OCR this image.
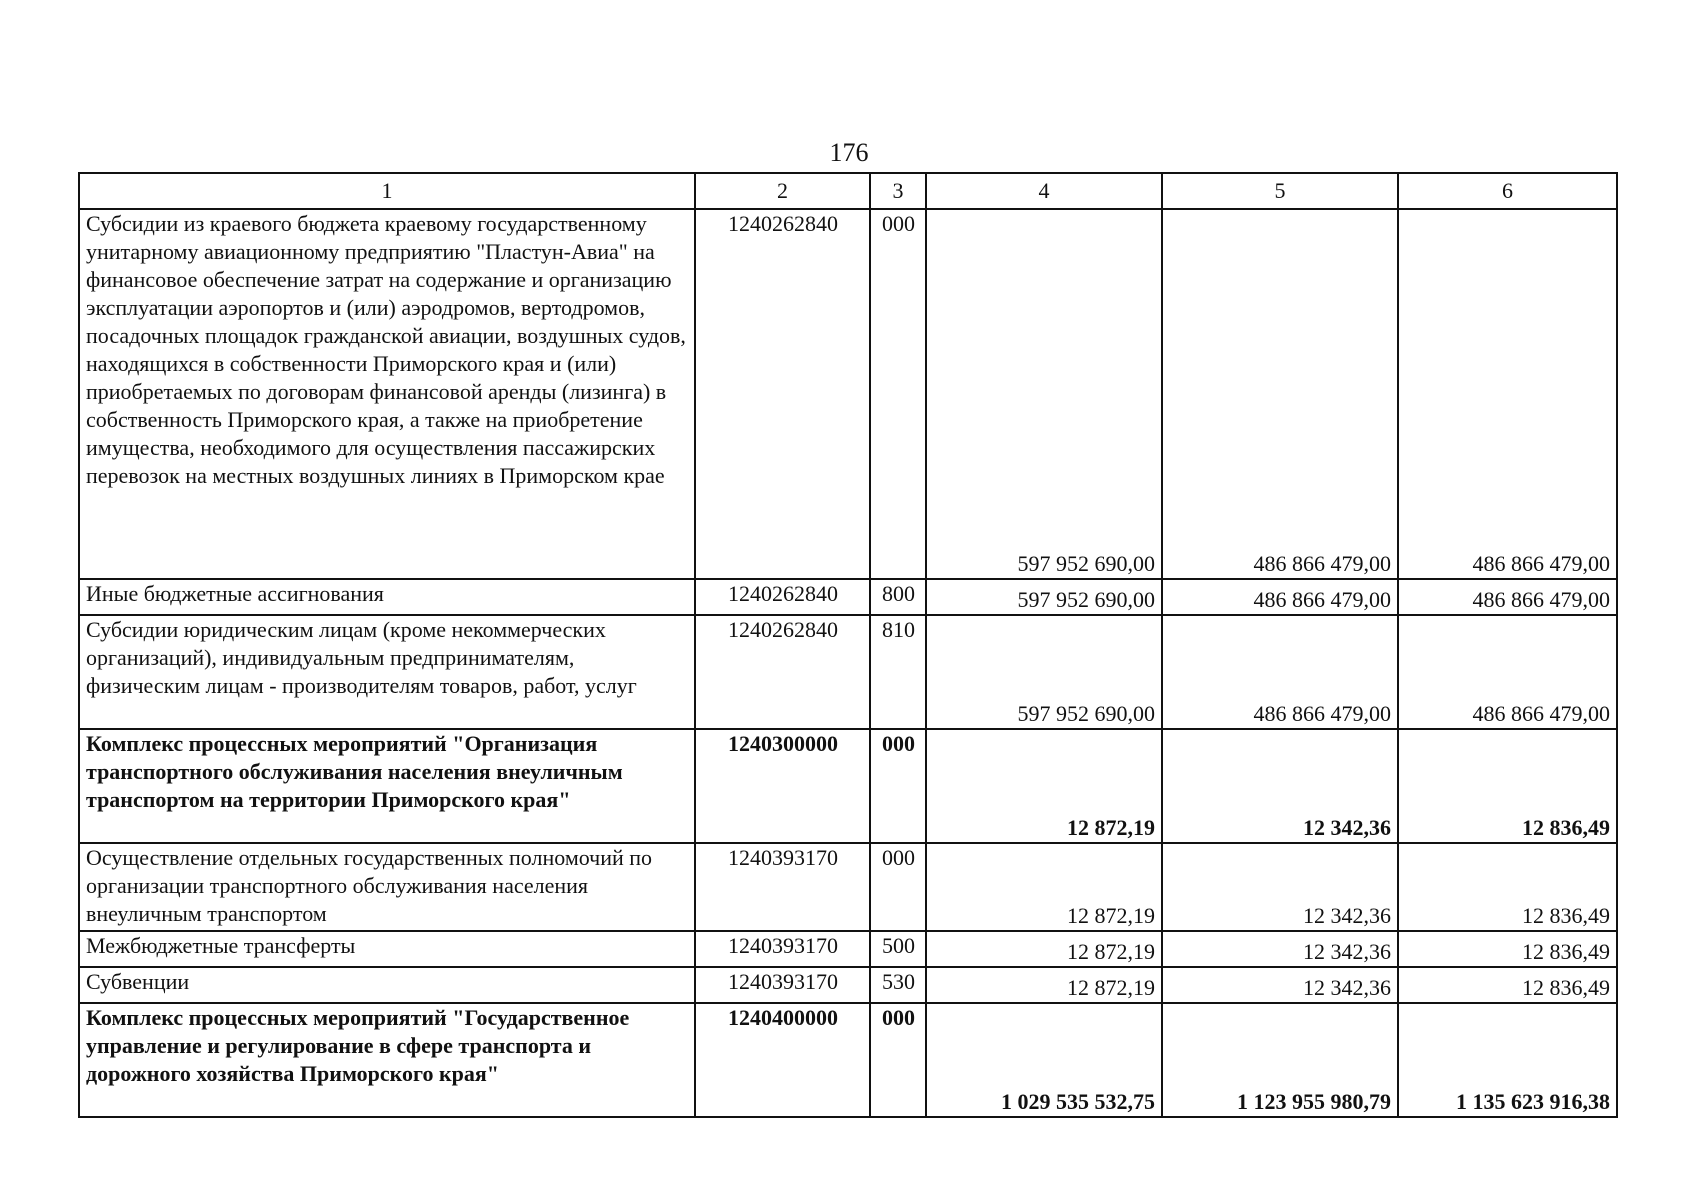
176
1	2	3	4	5	6
Субсидии из краевого бюджета краевому государственному унитарному авиационному предприятию "Пластун-Авиа" на финансовое обеспечение затрат на содержание и организацию эксплуатации аэропортов и (или) аэродромов, вертодромов, посадочных площадок гражданской авиации, воздушных судов, находящихся в собственности Приморского края и (или) приобретаемых по договорам финансовой аренды (лизинга) в собственность Приморского края, а также на приобретение имущества, необходимого для осуществления пассажирских перевозок на местных воздушных линиях в Приморском крае	1240262840	000	597 952 690,00	486 866 479,00	486 866 479,00
Иные бюджетные ассигнования	1240262840	800	597 952 690,00	486 866 479,00	486 866 479,00
Субсидии юридическим лицам (кроме некоммерческих организаций), индивидуальным предпринимателям, физическим лицам - производителям товаров, работ, услуг	1240262840	810	597 952 690,00	486 866 479,00	486 866 479,00
Комплекс процессных мероприятий "Организация транспортного обслуживания населения внеуличным транспортом на территории Приморского края"	1240300000	000	12 872,19	12 342,36	12 836,49
Осуществление отдельных государственных полномочий по организации транспортного обслуживания населения внеуличным транспортом	1240393170	000	12 872,19	12 342,36	12 836,49
Межбюджетные трансферты	1240393170	500	12 872,19	12 342,36	12 836,49
Субвенции	1240393170	530	12 872,19	12 342,36	12 836,49
Комплекс процессных мероприятий "Государственное управление и регулирование в сфере транспорта и дорожного хозяйства Приморского края"	1240400000	000	1 029 535 532,75	1 123 955 980,79	1 135 623 916,38
